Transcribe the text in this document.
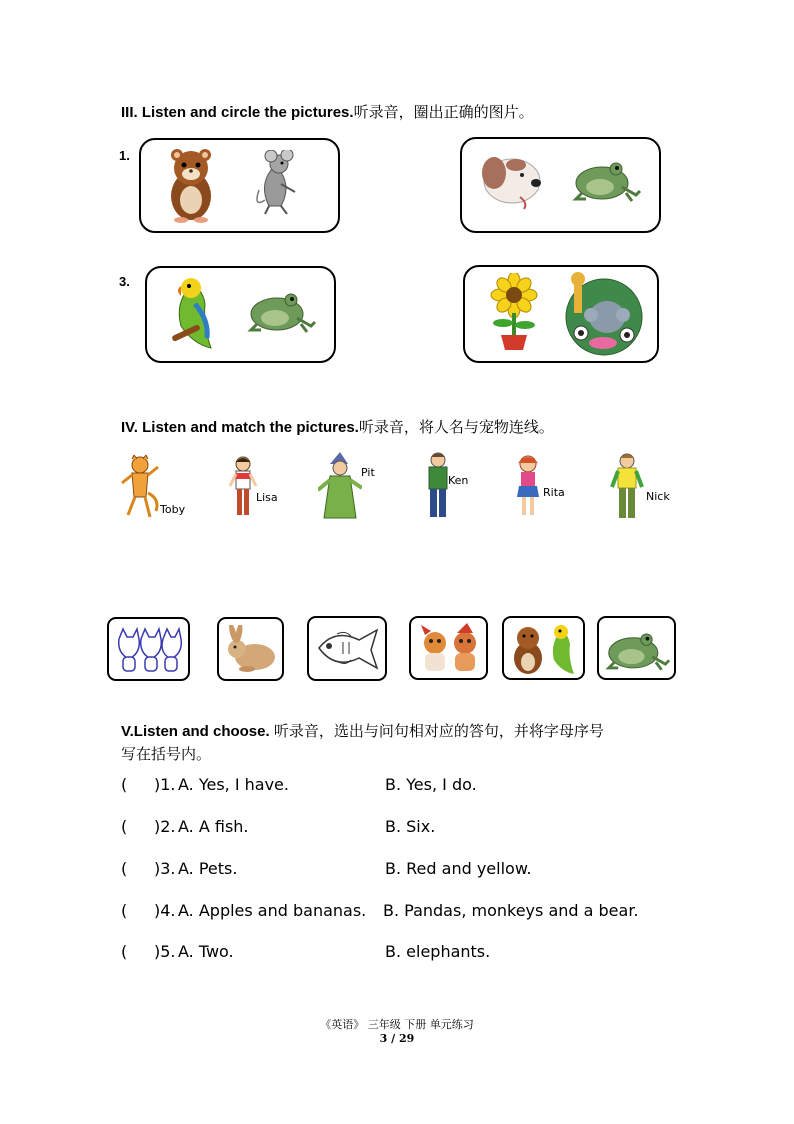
III. Listen and circle the pictures.听录音，圈出正确的图片。
1.
3.
IV. Listen and match the pictures.听录音，将人名与宠物连线。
Toby
Lisa
Pit
Ken
Rita	Nick
V.Listen and choose. 听录音，选出与问句相对应的答句，并将字母序号
写在括号内。
( )1. A. Yes, I have.	B. Yes, I do.
( )2. A. A fish.	B. Six.
( )3. A. Pets.	B. Red and yellow.
( )4. A. Apples and bananas. B. Pandas, monkeys and a bear.
( )5. A. Two.	B. elephants.
《英语》 三年级 下册 单元练习
3 / 29
